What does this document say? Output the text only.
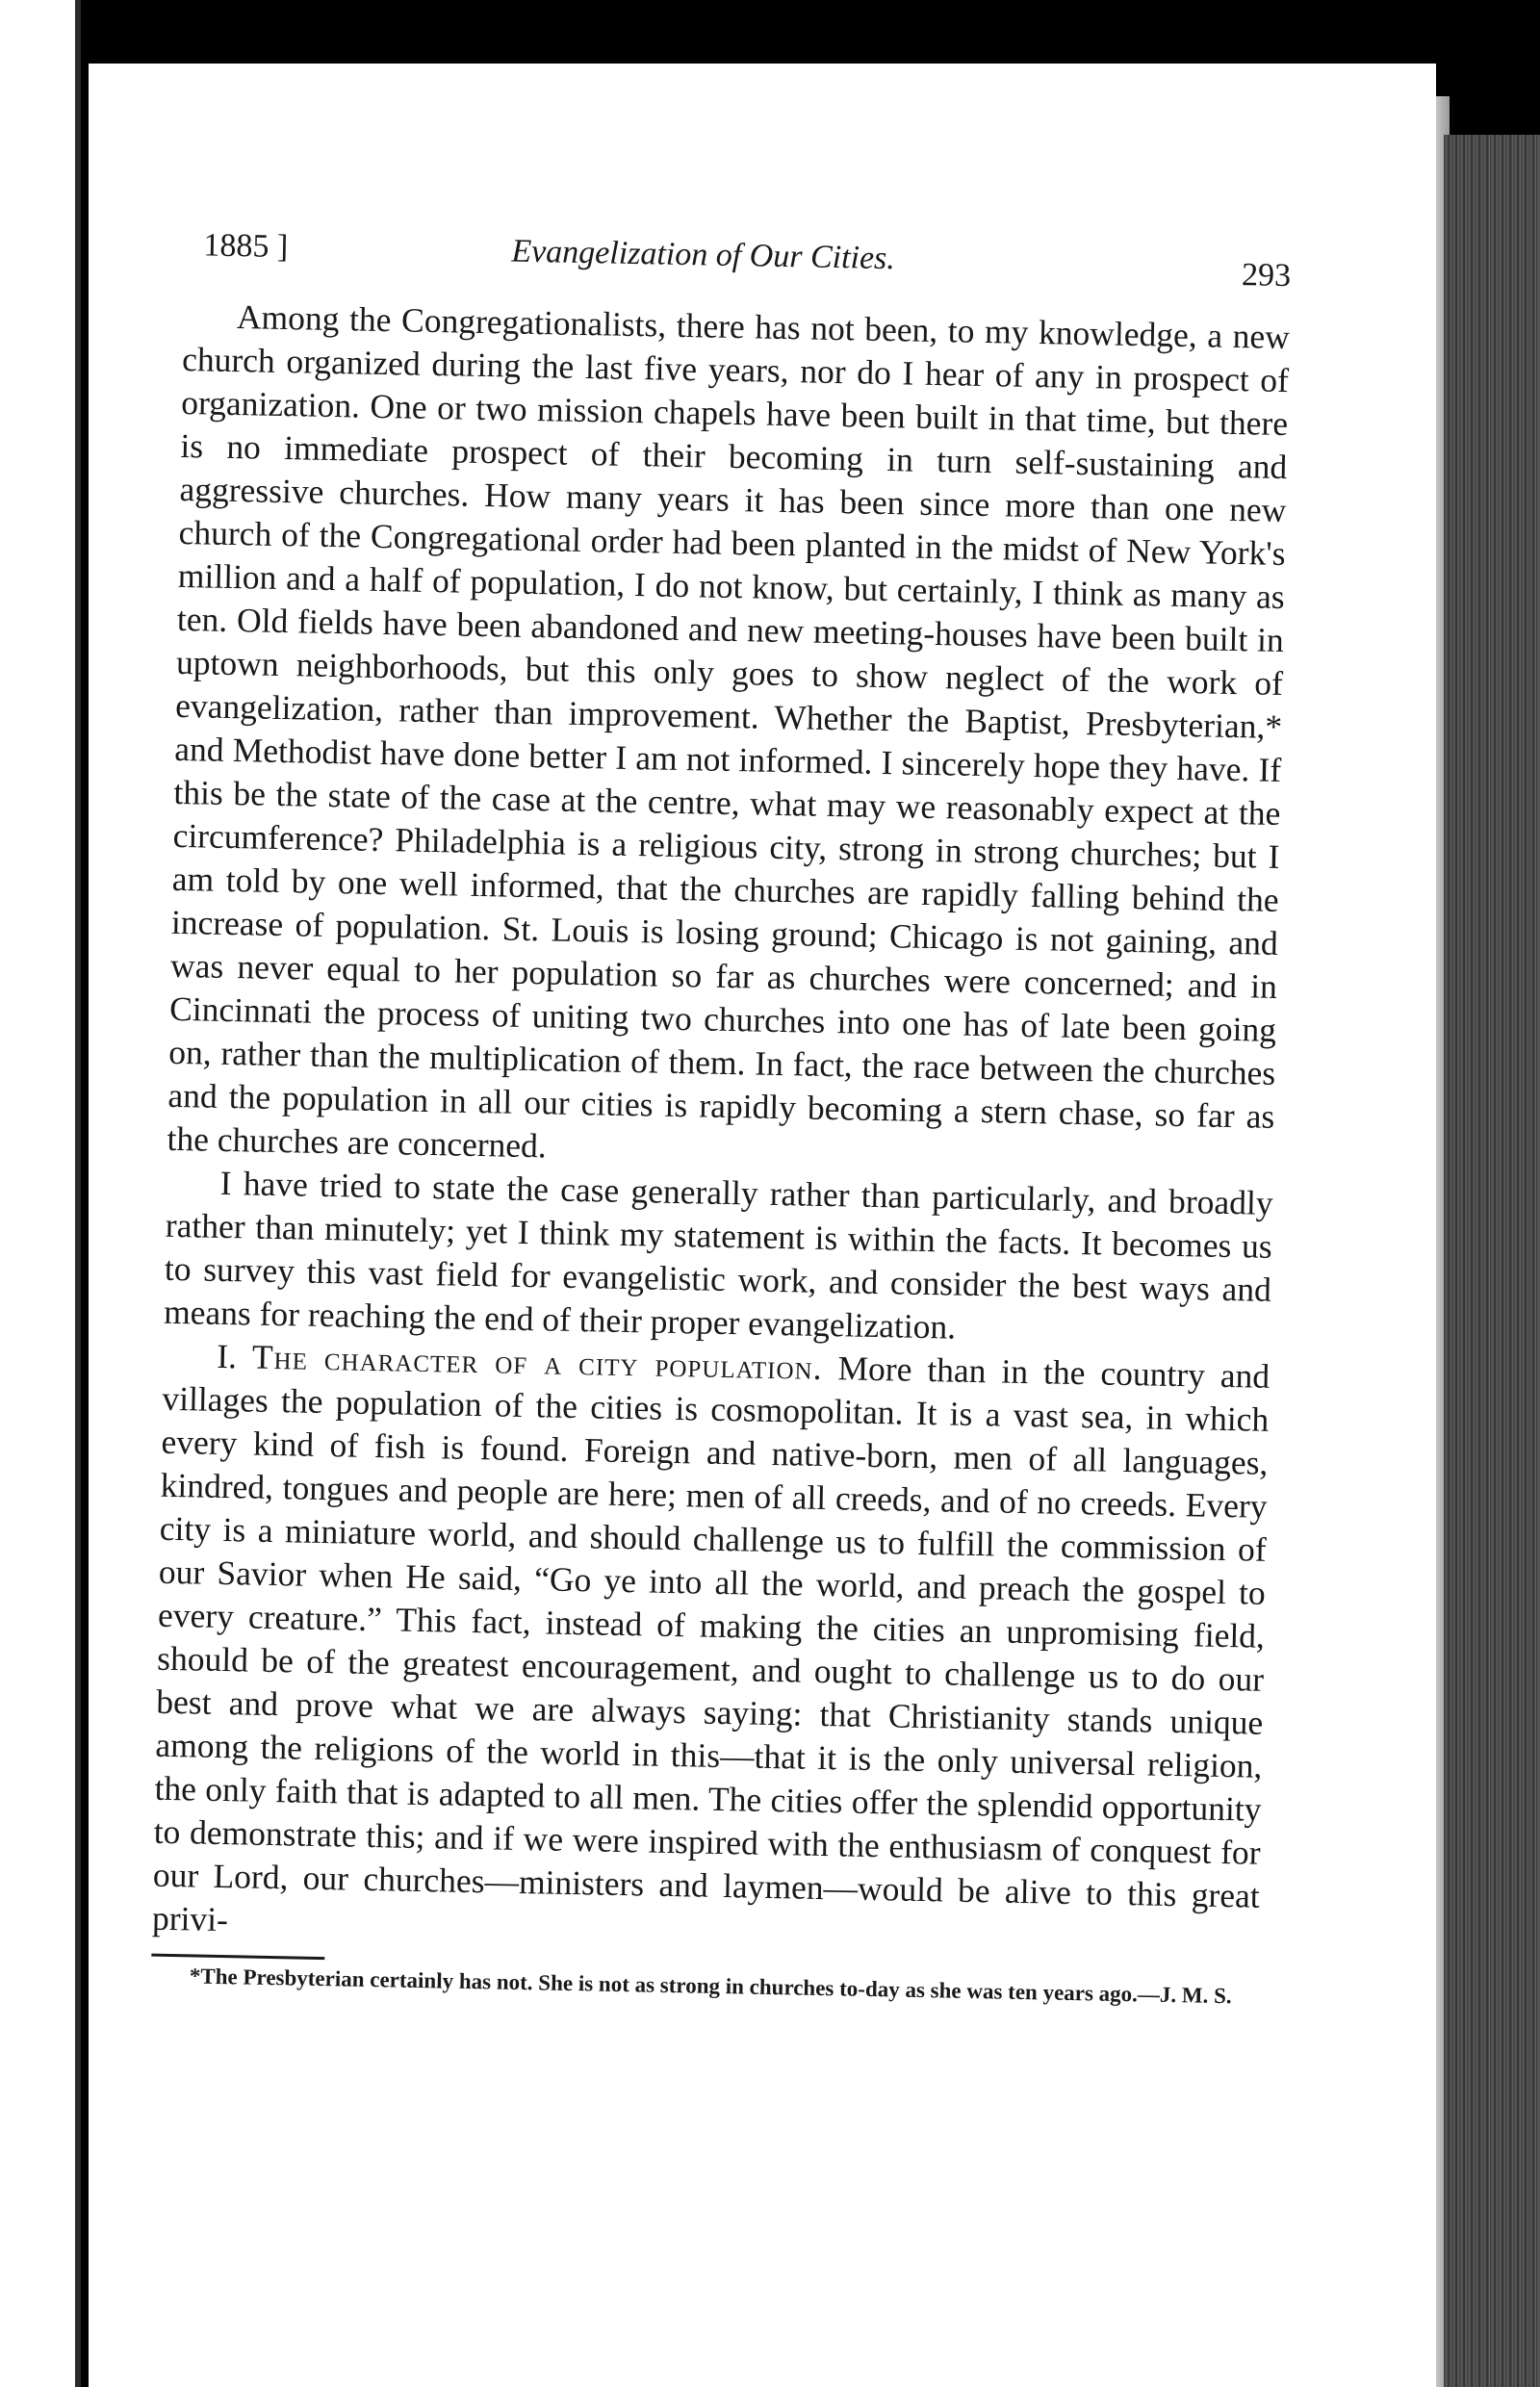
1885 ]	Evangelization of Our Cities.	293

Among the Congregationalists, there has not been, to my knowledge, a new church organized during the last five years, nor do I hear of any in prospect of organization. One or two mission chapels have been built in that time, but there is no immediate prospect of their becoming in turn self-sustaining and aggressive churches. How many years it has been since more than one new church of the Congregational order had been planted in the midst of New York's million and a half of population, I do not know, but certainly, I think as many as ten. Old fields have been abandoned and new meeting-houses have been built in uptown neighborhoods, but this only goes to show neglect of the work of evangelization, rather than improvement. Whether the Baptist, Presbyterian,* and Methodist have done better I am not informed. I sincerely hope they have. If this be the state of the case at the centre, what may we reasonably expect at the circumference? Philadelphia is a religious city, strong in strong churches; but I am told by one well informed, that the churches are rapidly falling behind the increase of population. St. Louis is losing ground; Chicago is not gaining, and was never equal to her population so far as churches were concerned; and in Cincinnati the process of uniting two churches into one has of late been going on, rather than the multiplication of them. In fact, the race between the churches and the population in all our cities is rapidly becoming a stern chase, so far as the churches are concerned.

I have tried to state the case generally rather than particularly, and broadly rather than minutely; yet I think my statement is within the facts. It becomes us to survey this vast field for evangelistic work, and consider the best ways and means for reaching the end of their proper evangelization.

I. The character of a city population. More than in the country and villages the population of the cities is cosmopolitan. It is a vast sea, in which every kind of fish is found. Foreign and native-born, men of all languages, kindred, tongues and people are here; men of all creeds, and of no creeds. Every city is a miniature world, and should challenge us to fulfill the commission of our Savior when He said, “Go ye into all the world, and preach the gospel to every creature.” This fact, instead of making the cities an unpromising field, should be of the greatest encouragement, and ought to challenge us to do our best and prove what we are always saying: that Christianity stands unique among the religions of the world in this—that it is the only universal religion, the only faith that is adapted to all men. The cities offer the splendid opportunity to demonstrate this; and if we were inspired with the enthusiasm of conquest for our Lord, our churches—ministers and laymen—would be alive to this great privi-

*The Presbyterian certainly has not. She is not as strong in churches to-day as she was ten years ago.—J. M. S.
